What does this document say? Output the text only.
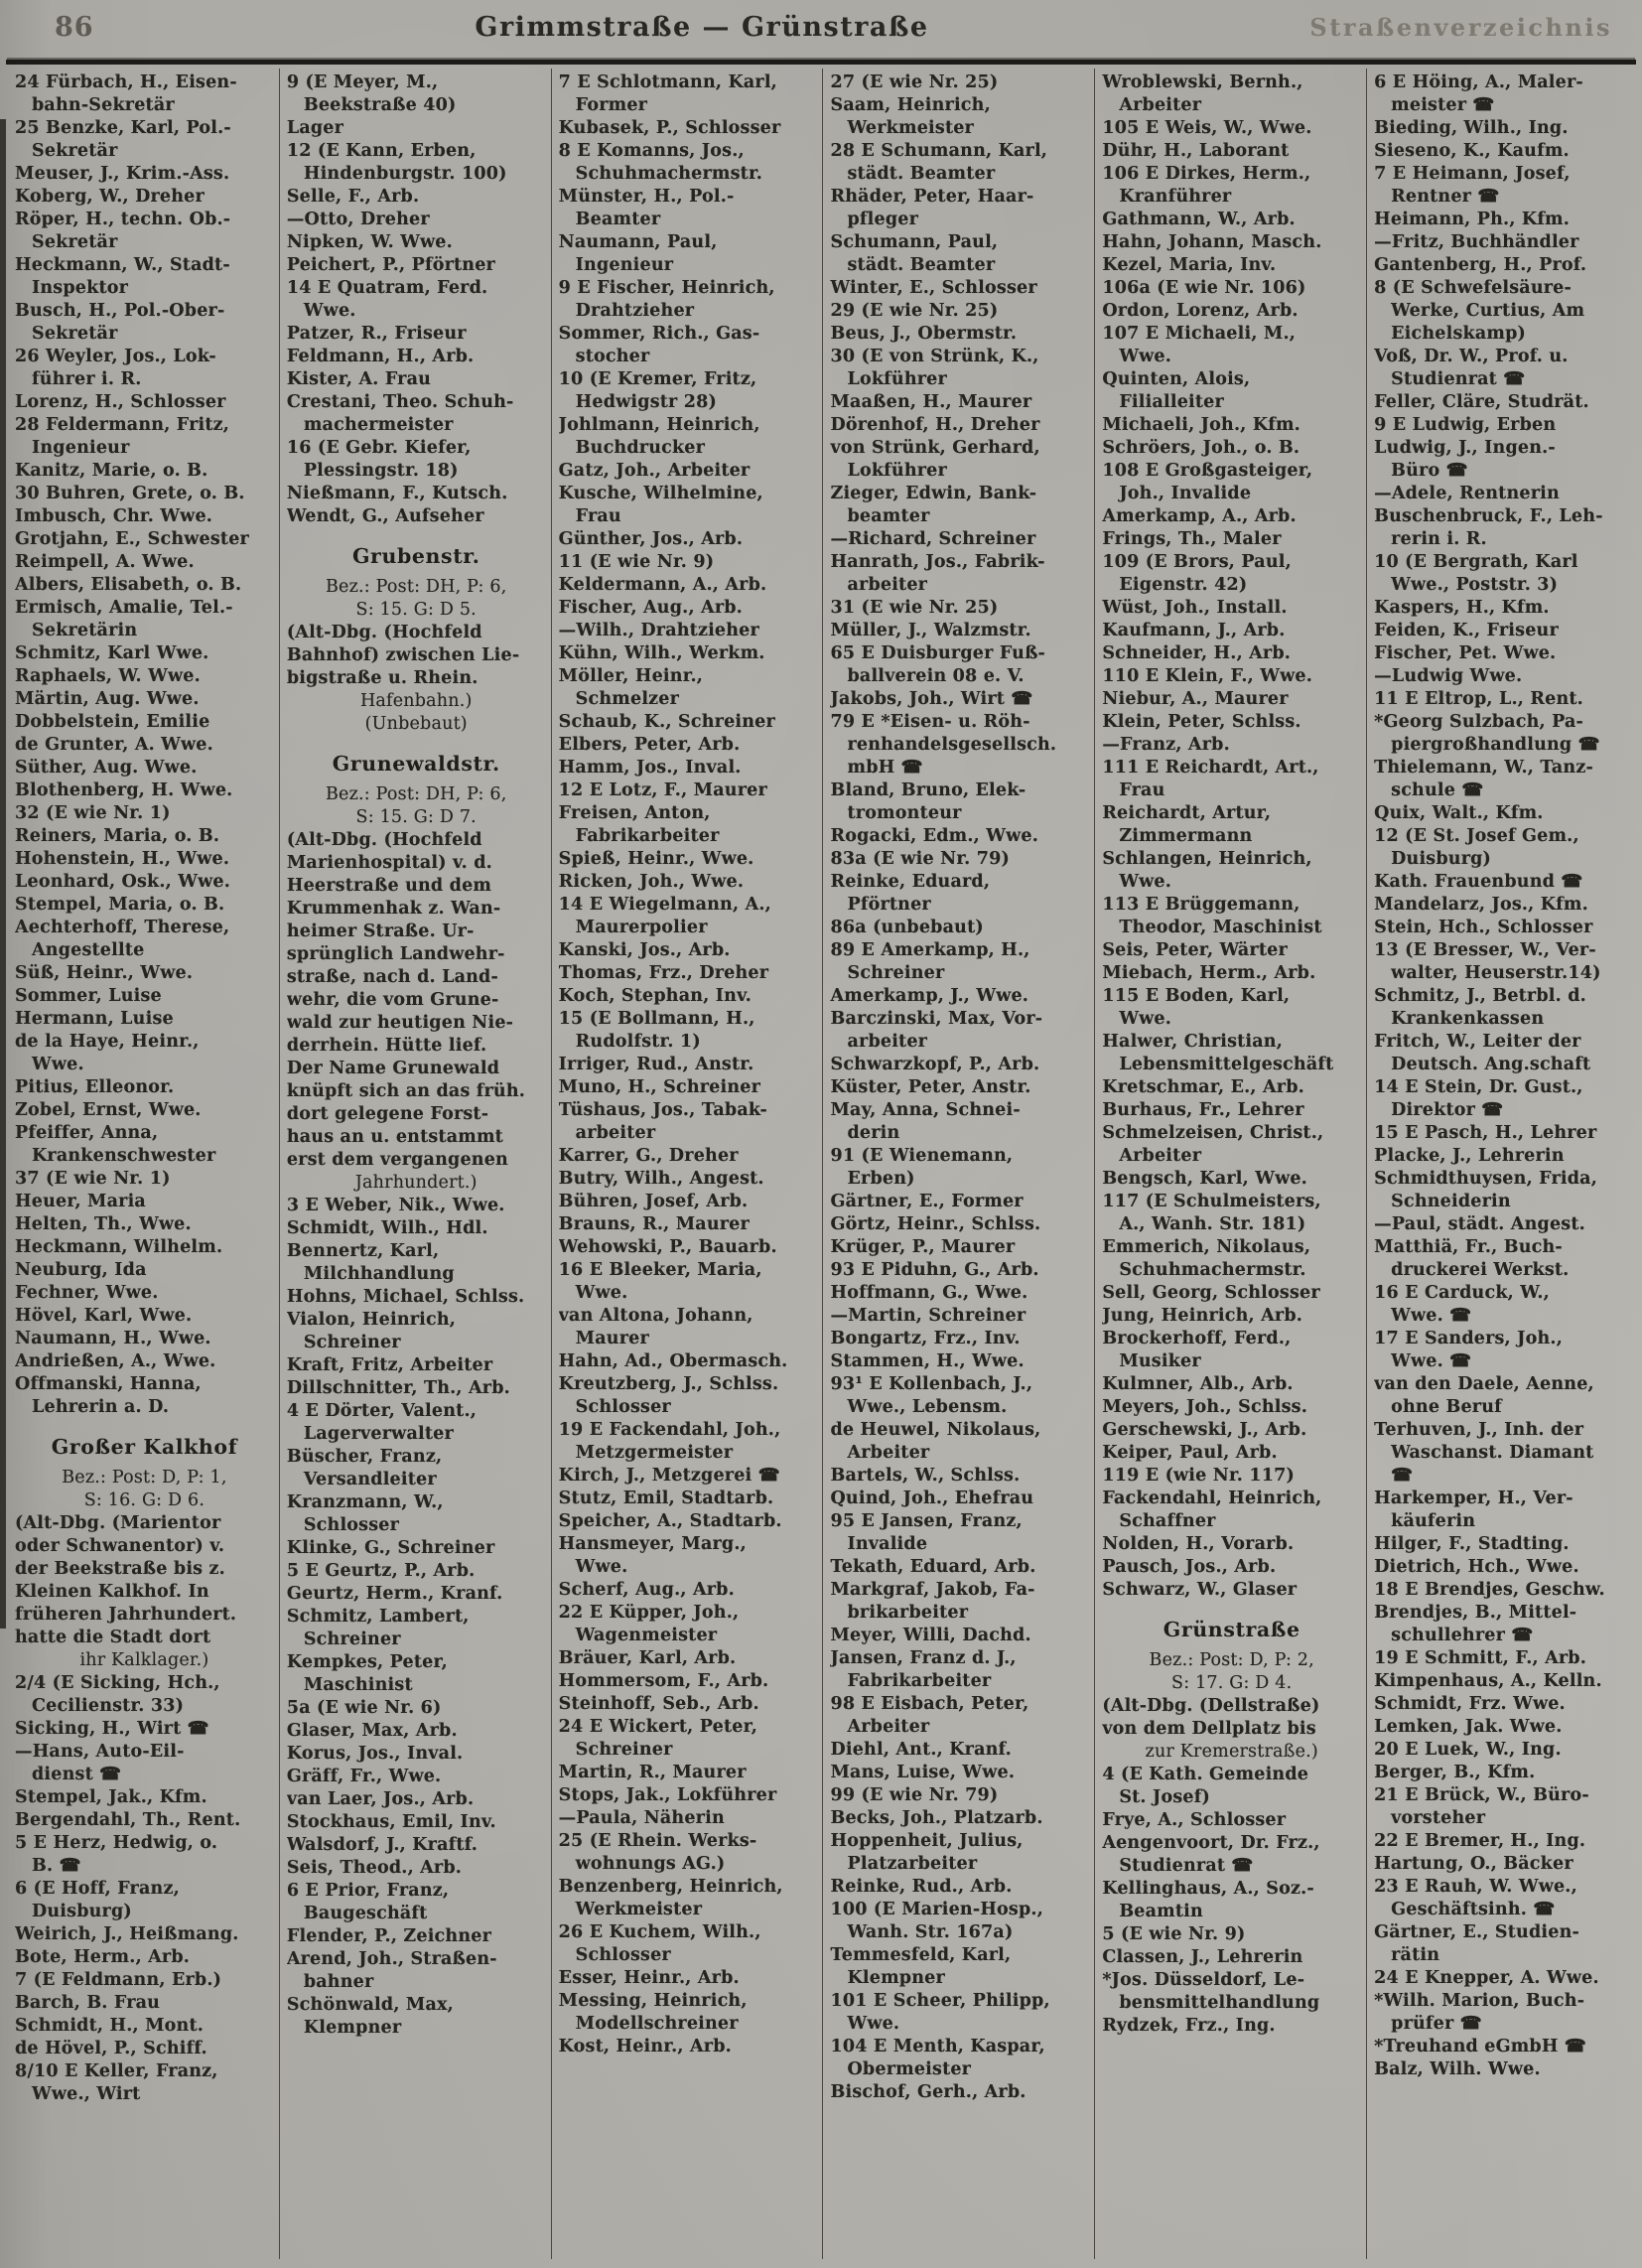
86	Grimmstraße — Grünstraße	Straßenverzeichnis
24 Fürbach, H., Eisen-
bahn-Sekretär
25 Benzke, Karl, Pol.-
Sekretär
Meuser, J., Krim.-Ass.
Koberg, W., Dreher
Röper, H., techn. Ob.-
Sekretär
Heckmann, W., Stadt-
Inspektor
Busch, H., Pol.-Ober-
Sekretär
26 Weyler, Jos., Lok-
führer i. R.
Lorenz, H., Schlosser
28 Feldermann, Fritz,
Ingenieur
Kanitz, Marie, o. B.
30 Buhren, Grete, o. B.
Imbusch, Chr. Wwe.
Grotjahn, E., Schwester
Reimpell, A. Wwe.
Albers, Elisabeth, o. B.
Ermisch, Amalie, Tel.-
Sekretärin
Schmitz, Karl Wwe.
Raphaels, W. Wwe.
Märtin, Aug. Wwe.
Dobbelstein, Emilie
de Grunter, A. Wwe.
Süther, Aug. Wwe.
Blothenberg, H. Wwe.
32 (E wie Nr. 1)
Reiners, Maria, o. B.
Hohenstein, H., Wwe.
Leonhard, Osk., Wwe.
Stempel, Maria, o. B.
Aechterhoff, Therese,
Angestellte
Süß, Heinr., Wwe.
Sommer, Luise
Hermann, Luise
de la Haye, Heinr.,
Wwe.
Pitius, Elleonor.
Zobel, Ernst, Wwe.
Pfeiffer, Anna,
Krankenschwester
37 (E wie Nr. 1)
Heuer, Maria
Helten, Th., Wwe.
Heckmann, Wilhelm.
Neuburg, Ida
Fechner, Wwe.
Hövel, Karl, Wwe.
Naumann, H., Wwe.
Andrießen, A., Wwe.
Offmanski, Hanna,
Lehrerin a. D.
Großer Kalkhof
Bez.: Post: D, P: 1,
S: 16. G: D 6.
(Alt-Dbg. (Marientor
oder Schwanentor) v.
der Beekstraße bis z.
Kleinen Kalkhof. In
früheren Jahrhundert.
hatte die Stadt dort
ihr Kalklager.)
2/4 (E Sicking, Hch.,
Cecilienstr. 33)
Sicking, H., Wirt ☎
—Hans, Auto-Eil-
dienst ☎
Stempel, Jak., Kfm.
Bergendahl, Th., Rent.
5 E Herz, Hedwig, o.
B. ☎
6 (E Hoff, Franz,
Duisburg)
Weirich, J., Heißmang.
Bote, Herm., Arb.
7 (E Feldmann, Erb.)
Barch, B. Frau
Schmidt, H., Mont.
de Hövel, P., Schiff.
8/10 E Keller, Franz,
Wwe., Wirt
9 (E Meyer, M.,
Beekstraße 40)
Lager
12 (E Kann, Erben,
Hindenburgstr. 100)
Selle, F., Arb.
—Otto, Dreher
Nipken, W. Wwe.
Peichert, P., Pförtner
14 E Quatram, Ferd.
Wwe.
Patzer, R., Friseur
Feldmann, H., Arb.
Kister, A. Frau
Crestani, Theo. Schuh-
machermeister
16 (E Gebr. Kiefer,
Plessingstr. 18)
Nießmann, F., Kutsch.
Wendt, G., Aufseher
Grubenstr.
Bez.: Post: DH, P: 6,
S: 15. G: D 5.
(Alt-Dbg. (Hochfeld
Bahnhof) zwischen Lie-
bigstraße u. Rhein.
Hafenbahn.)
(Unbebaut)
Grunewaldstr.
Bez.: Post: DH, P: 6,
S: 15. G: D 7.
(Alt-Dbg. (Hochfeld
Marienhospital) v. d.
Heerstraße und dem
Krummenhak z. Wan-
heimer Straße. Ur-
sprünglich Landwehr-
straße, nach d. Land-
wehr, die vom Grune-
wald zur heutigen Nie-
derrhein. Hütte lief.
Der Name Grunewald
knüpft sich an das früh.
dort gelegene Forst-
haus an u. entstammt
erst dem vergangenen
Jahrhundert.)
3 E Weber, Nik., Wwe.
Schmidt, Wilh., Hdl.
Bennertz, Karl,
Milchhandlung
Hohns, Michael, Schlss.
Vialon, Heinrich,
Schreiner
Kraft, Fritz, Arbeiter
Dillschnitter, Th., Arb.
4 E Dörter, Valent.,
Lagerverwalter
Büscher, Franz,
Versandleiter
Kranzmann, W.,
Schlosser
Klinke, G., Schreiner
5 E Geurtz, P., Arb.
Geurtz, Herm., Kranf.
Schmitz, Lambert,
Schreiner
Kempkes, Peter,
Maschinist
5a (E wie Nr. 6)
Glaser, Max, Arb.
Korus, Jos., Inval.
Gräff, Fr., Wwe.
van Laer, Jos., Arb.
Stockhaus, Emil, Inv.
Walsdorf, J., Kraftf.
Seis, Theod., Arb.
6 E Prior, Franz,
Baugeschäft
Flender, P., Zeichner
Arend, Joh., Straßen-
bahner
Schönwald, Max,
Klempner
7 E Schlotmann, Karl,
Former
Kubasek, P., Schlosser
8 E Komanns, Jos.,
Schuhmachermstr.
Münster, H., Pol.-
Beamter
Naumann, Paul,
Ingenieur
9 E Fischer, Heinrich,
Drahtzieher
Sommer, Rich., Gas-
stocher
10 (E Kremer, Fritz,
Hedwigstr 28)
Johlmann, Heinrich,
Buchdrucker
Gatz, Joh., Arbeiter
Kusche, Wilhelmine,
Frau
Günther, Jos., Arb.
11 (E wie Nr. 9)
Keldermann, A., Arb.
Fischer, Aug., Arb.
—Wilh., Drahtzieher
Kühn, Wilh., Werkm.
Möller, Heinr.,
Schmelzer
Schaub, K., Schreiner
Elbers, Peter, Arb.
Hamm, Jos., Inval.
12 E Lotz, F., Maurer
Freisen, Anton,
Fabrikarbeiter
Spieß, Heinr., Wwe.
Ricken, Joh., Wwe.
14 E Wiegelmann, A.,
Maurerpolier
Kanski, Jos., Arb.
Thomas, Frz., Dreher
Koch, Stephan, Inv.
15 (E Bollmann, H.,
Rudolfstr. 1)
Irriger, Rud., Anstr.
Muno, H., Schreiner
Tüshaus, Jos., Tabak-
arbeiter
Karrer, G., Dreher
Butry, Wilh., Angest.
Bühren, Josef, Arb.
Brauns, R., Maurer
Wehowski, P., Bauarb.
16 E Bleeker, Maria,
Wwe.
van Altona, Johann,
Maurer
Hahn, Ad., Obermasch.
Kreutzberg, J., Schlss.
Schlosser
19 E Fackendahl, Joh.,
Metzgermeister
Kirch, J., Metzgerei ☎
Stutz, Emil, Stadtarb.
Speicher, A., Stadtarb.
Hansmeyer, Marg.,
Wwe.
Scherf, Aug., Arb.
22 E Küpper, Joh.,
Wagenmeister
Bräuer, Karl, Arb.
Hommersom, F., Arb.
Steinhoff, Seb., Arb.
24 E Wickert, Peter,
Schreiner
Martin, R., Maurer
Stops, Jak., Lokführer
—Paula, Näherin
25 (E Rhein. Werks-
wohnungs AG.)
Benzenberg, Heinrich,
Werkmeister
26 E Kuchem, Wilh.,
Schlosser
Esser, Heinr., Arb.
Messing, Heinrich,
Modellschreiner
Kost, Heinr., Arb.
27 (E wie Nr. 25)
Saam, Heinrich,
Werkmeister
28 E Schumann, Karl,
städt. Beamter
Rhäder, Peter, Haar-
pfleger
Schumann, Paul,
städt. Beamter
Winter, E., Schlosser
29 (E wie Nr. 25)
Beus, J., Obermstr.
30 (E von Strünk, K.,
Lokführer
Maaßen, H., Maurer
Dörenhof, H., Dreher
von Strünk, Gerhard,
Lokführer
Zieger, Edwin, Bank-
beamter
—Richard, Schreiner
Hanrath, Jos., Fabrik-
arbeiter
31 (E wie Nr. 25)
Müller, J., Walzmstr.
65 E Duisburger Fuß-
ballverein 08 e. V.
Jakobs, Joh., Wirt ☎
79 E *Eisen- u. Röh-
renhandelsgesellsch.
mbH ☎
Bland, Bruno, Elek-
tromonteur
Rogacki, Edm., Wwe.
83a (E wie Nr. 79)
Reinke, Eduard,
Pförtner
86a (unbebaut)
89 E Amerkamp, H.,
Schreiner
Amerkamp, J., Wwe.
Barczinski, Max, Vor-
arbeiter
Schwarzkopf, P., Arb.
Küster, Peter, Anstr.
May, Anna, Schnei-
derin
91 (E Wienemann,
Erben)
Gärtner, E., Former
Görtz, Heinr., Schlss.
Krüger, P., Maurer
93 E Piduhn, G., Arb.
Hoffmann, G., Wwe.
—Martin, Schreiner
Bongartz, Frz., Inv.
Stammen, H., Wwe.
93¹ E Kollenbach, J.,
Wwe., Lebensm.
de Heuwel, Nikolaus,
Arbeiter
Bartels, W., Schlss.
Quind, Joh., Ehefrau
95 E Jansen, Franz,
Invalide
Tekath, Eduard, Arb.
Markgraf, Jakob, Fa-
brikarbeiter
Meyer, Willi, Dachd.
Jansen, Franz d. J.,
Fabrikarbeiter
98 E Eisbach, Peter,
Arbeiter
Diehl, Ant., Kranf.
Mans, Luise, Wwe.
99 (E wie Nr. 79)
Becks, Joh., Platzarb.
Hoppenheit, Julius,
Platzarbeiter
Reinke, Rud., Arb.
100 (E Marien-Hosp.,
Wanh. Str. 167a)
Temmesfeld, Karl,
Klempner
101 E Scheer, Philipp,
Wwe.
104 E Menth, Kaspar,
Obermeister
Bischof, Gerh., Arb.
Wroblewski, Bernh.,
Arbeiter
105 E Weis, W., Wwe.
Dühr, H., Laborant
106 E Dirkes, Herm.,
Kranführer
Gathmann, W., Arb.
Hahn, Johann, Masch.
Kezel, Maria, Inv.
106a (E wie Nr. 106)
Ordon, Lorenz, Arb.
107 E Michaeli, M.,
Wwe.
Quinten, Alois,
Filialleiter
Michaeli, Joh., Kfm.
Schröers, Joh., o. B.
108 E Großgasteiger,
Joh., Invalide
Amerkamp, A., Arb.
Frings, Th., Maler
109 (E Brors, Paul,
Eigenstr. 42)
Wüst, Joh., Install.
Kaufmann, J., Arb.
Schneider, H., Arb.
110 E Klein, F., Wwe.
Niebur, A., Maurer
Klein, Peter, Schlss.
—Franz, Arb.
111 E Reichardt, Art.,
Frau
Reichardt, Artur,
Zimmermann
Schlangen, Heinrich,
Wwe.
113 E Brüggemann,
Theodor, Maschinist
Seis, Peter, Wärter
Miebach, Herm., Arb.
115 E Boden, Karl,
Wwe.
Halwer, Christian,
Lebensmittelgeschäft
Kretschmar, E., Arb.
Burhaus, Fr., Lehrer
Schmelzeisen, Christ.,
Arbeiter
Bengsch, Karl, Wwe.
117 (E Schulmeisters,
A., Wanh. Str. 181)
Emmerich, Nikolaus,
Schuhmachermstr.
Sell, Georg, Schlosser
Jung, Heinrich, Arb.
Brockerhoff, Ferd.,
Musiker
Kulmner, Alb., Arb.
Meyers, Joh., Schlss.
Gerschewski, J., Arb.
Keiper, Paul, Arb.
119 E (wie Nr. 117)
Fackendahl, Heinrich,
Schaffner
Nolden, H., Vorarb.
Pausch, Jos., Arb.
Schwarz, W., Glaser
Grünstraße
Bez.: Post: D, P: 2,
S: 17. G: D 4.
(Alt-Dbg. (Dellstraße)
von dem Dellplatz bis
zur Kremerstraße.)
4 (E Kath. Gemeinde
St. Josef)
Frye, A., Schlosser
Aengenvoort, Dr. Frz.,
Studienrat ☎
Kellinghaus, A., Soz.-
Beamtin
5 (E wie Nr. 9)
Classen, J., Lehrerin
*Jos. Düsseldorf, Le-
bensmittelhandlung
Rydzek, Frz., Ing.
6 E Höing, A., Maler-
meister ☎
Bieding, Wilh., Ing.
Sieseno, K., Kaufm.
7 E Heimann, Josef,
Rentner ☎
Heimann, Ph., Kfm.
—Fritz, Buchhändler
Gantenberg, H., Prof.
8 (E Schwefelsäure-
Werke, Curtius, Am
Eichelskamp)
Voß, Dr. W., Prof. u.
Studienrat ☎
Feller, Cläre, Studrät.
9 E Ludwig, Erben
Ludwig, J., Ingen.-
Büro ☎
—Adele, Rentnerin
Buschenbruck, F., Leh-
rerin i. R.
10 (E Bergrath, Karl
Wwe., Poststr. 3)
Kaspers, H., Kfm.
Feiden, K., Friseur
Fischer, Pet. Wwe.
—Ludwig Wwe.
11 E Eltrop, L., Rent.
*Georg Sulzbach, Pa-
piergroßhandlung ☎
Thielemann, W., Tanz-
schule ☎
Quix, Walt., Kfm.
12 (E St. Josef Gem.,
Duisburg)
Kath. Frauenbund ☎
Mandelarz, Jos., Kfm.
Stein, Hch., Schlosser
13 (E Bresser, W., Ver-
walter, Heuserstr.14)
Schmitz, J., Betrbl. d.
Krankenkassen
Fritch, W., Leiter der
Deutsch. Ang.schaft
14 E Stein, Dr. Gust.,
Direktor ☎
15 E Pasch, H., Lehrer
Placke, J., Lehrerin
Schmidthuysen, Frida,
Schneiderin
—Paul, städt. Angest.
Matthiä, Fr., Buch-
druckerei Werkst.
16 E Carduck, W.,
Wwe. ☎
17 E Sanders, Joh.,
Wwe. ☎
van den Daele, Aenne,
ohne Beruf
Terhuven, J., Inh. der
Waschanst. Diamant
☎
Harkemper, H., Ver-
käuferin
Hilger, F., Stadting.
Dietrich, Hch., Wwe.
18 E Brendjes, Geschw.
Brendjes, B., Mittel-
schullehrer ☎
19 E Schmitt, F., Arb.
Kimpenhaus, A., Kelln.
Schmidt, Frz. Wwe.
Lemken, Jak. Wwe.
20 E Luek, W., Ing.
Berger, B., Kfm.
21 E Brück, W., Büro-
vorsteher
22 E Bremer, H., Ing.
Hartung, O., Bäcker
23 E Rauh, W. Wwe.,
Geschäftsinh. ☎
Gärtner, E., Studien-
rätin
24 E Knepper, A. Wwe.
*Wilh. Marion, Buch-
prüfer ☎
*Treuhand eGmbH ☎
Balz, Wilh. Wwe.
